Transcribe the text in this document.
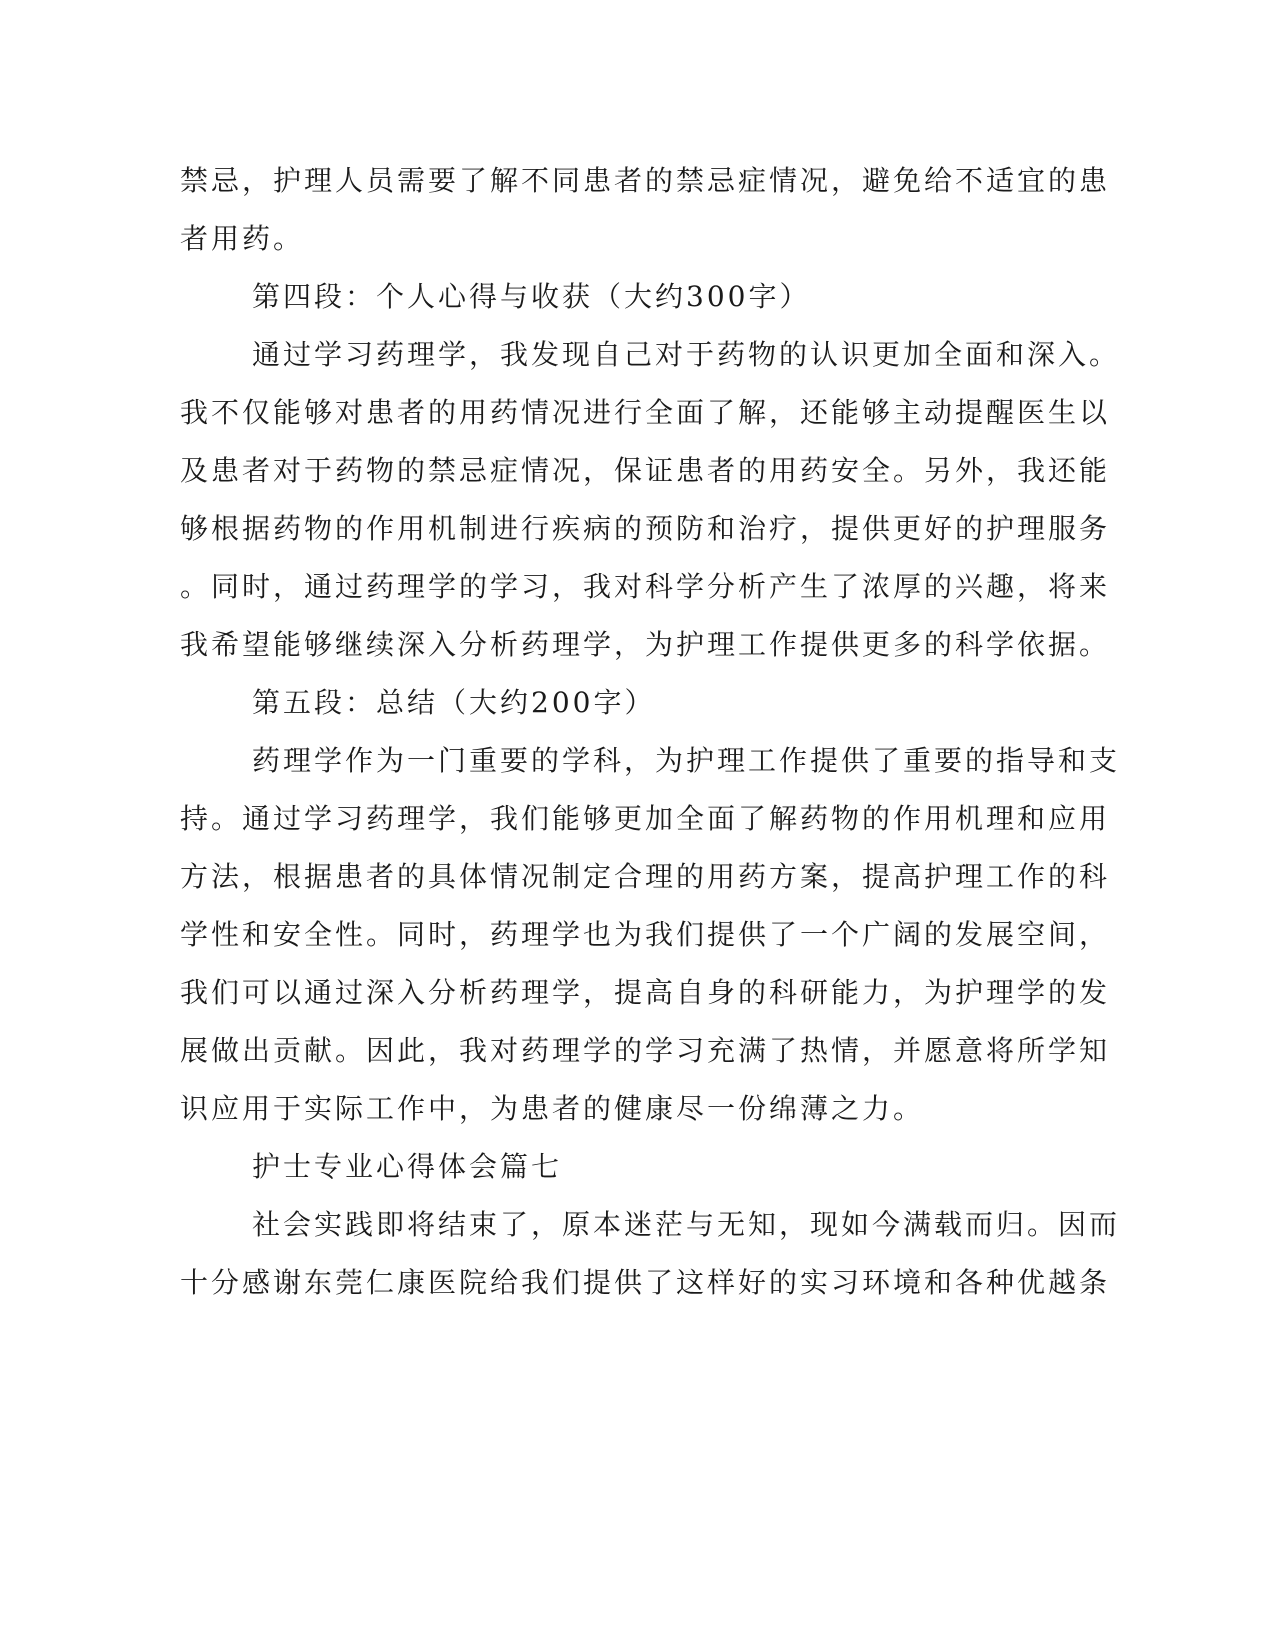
禁忌，护理人员需要了解不同患者的禁忌症情况，避免给不适宜的患
者用药。
第四段：个人心得与收获（大约300字）
通过学习药理学，我发现自己对于药物的认识更加全面和深入。
我不仅能够对患者的用药情况进行全面了解，还能够主动提醒医生以
及患者对于药物的禁忌症情况，保证患者的用药安全。另外，我还能
够根据药物的作用机制进行疾病的预防和治疗，提供更好的护理服务
。同时，通过药理学的学习，我对科学分析产生了浓厚的兴趣，将来
我希望能够继续深入分析药理学，为护理工作提供更多的科学依据。
第五段：总结（大约200字）
药理学作为一门重要的学科，为护理工作提供了重要的指导和支
持。通过学习药理学，我们能够更加全面了解药物的作用机理和应用
方法，根据患者的具体情况制定合理的用药方案，提高护理工作的科
学性和安全性。同时，药理学也为我们提供了一个广阔的发展空间，
我们可以通过深入分析药理学，提高自身的科研能力，为护理学的发
展做出贡献。因此，我对药理学的学习充满了热情，并愿意将所学知
识应用于实际工作中，为患者的健康尽一份绵薄之力。
护士专业心得体会篇七
社会实践即将结束了，原本迷茫与无知，现如今满载而归。因而
十分感谢东莞仁康医院给我们提供了这样好的实习环境和各种优越条
